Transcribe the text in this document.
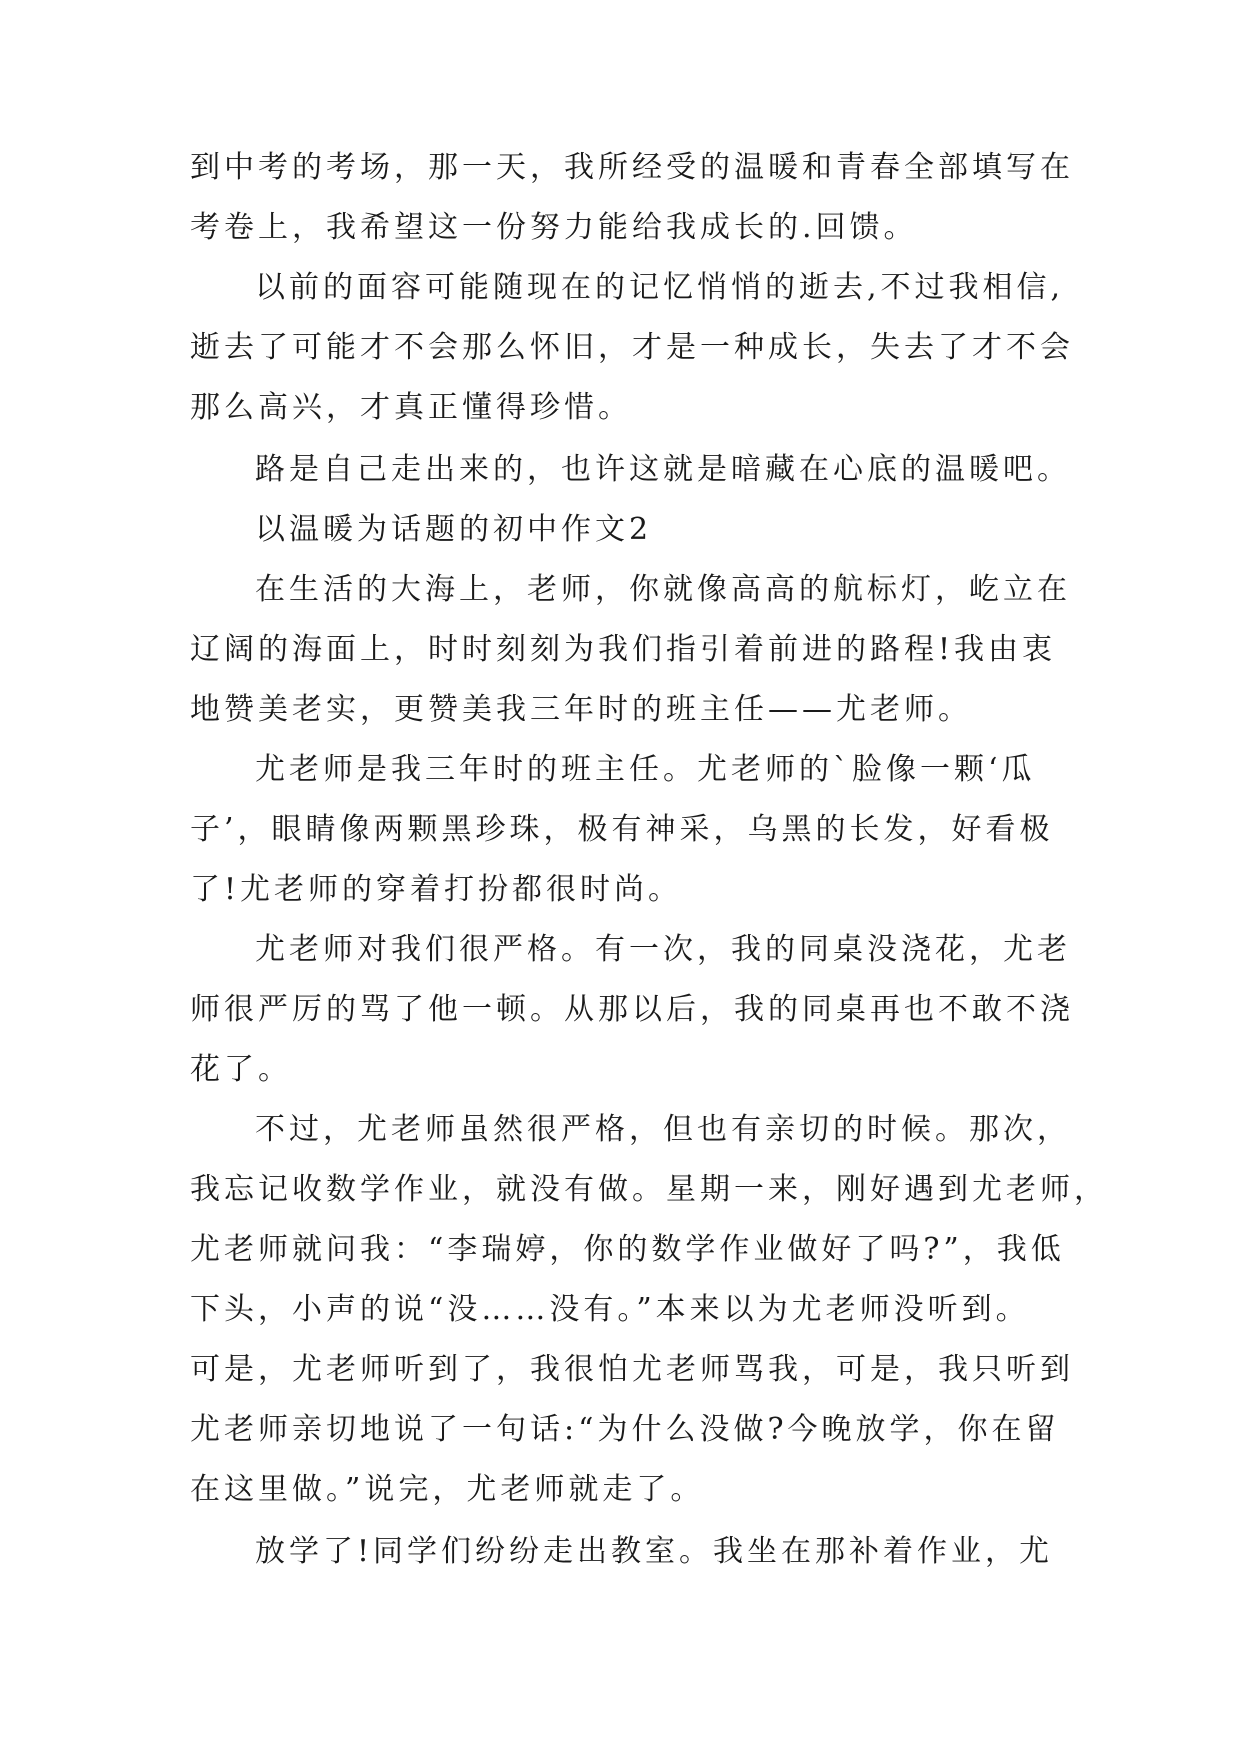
到中考的考场，那一天，我所经受的温暖和青春全部填写在
考卷上，我希望这一份努力能给我成长的.回馈。
以前的面容可能随现在的记忆悄悄的逝去,不过我相信,
逝去了可能才不会那么怀旧，才是一种成长，失去了才不会
那么高兴，才真正懂得珍惜。
路是自己走出来的，也许这就是暗藏在心底的温暖吧。
以温暖为话题的初中作文2
在生活的大海上，老师，你就像高高的航标灯，屹立在
辽阔的海面上，时时刻刻为我们指引着前进的路程!我由衷
地赞美老实，更赞美我三年时的班主任——尤老师。
尤老师是我三年时的班主任。尤老师的`脸像一颗‘瓜
子’，眼睛像两颗黑珍珠，极有神采，乌黑的长发，好看极
了!尤老师的穿着打扮都很时尚。
尤老师对我们很严格。有一次，我的同桌没浇花，尤老
师很严厉的骂了他一顿。从那以后，我的同桌再也不敢不浇
花了。
不过，尤老师虽然很严格，但也有亲切的时候。那次，
我忘记收数学作业，就没有做。星期一来，刚好遇到尤老师，
尤老师就问我：“李瑞婷，你的数学作业做好了吗?”，我低
下头，小声的说“没……没有。”本来以为尤老师没听到。
可是，尤老师听到了，我很怕尤老师骂我，可是，我只听到
尤老师亲切地说了一句话:“为什么没做?今晚放学，你在留
在这里做。”说完，尤老师就走了。
放学了!同学们纷纷走出教室。我坐在那补着作业，尤
